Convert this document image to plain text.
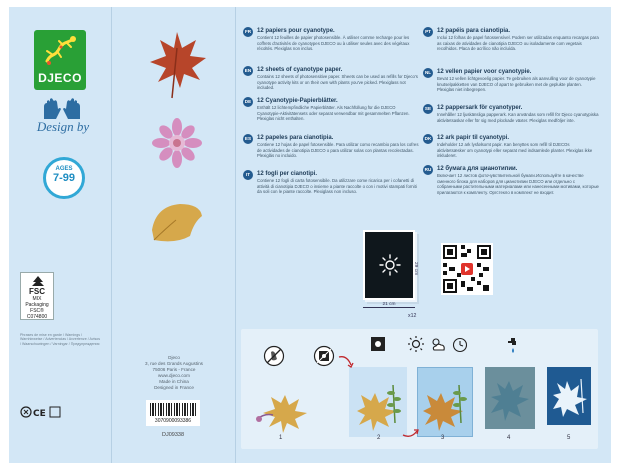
DJECO
Design by
AGES
7-99
FSC
MIX
Packaging
FSC® C074800
Phrases de mise en garde / Warnings / Warnhinweise / Advertencias / Avvertenze / Avisos / Waarschuwingen / Varningar / Предупреждения
CE
Djeco
3, rue des Grands Augustins
75006 Paris - France
www.djeco.com
Made in China
Designed in France
3070900093386
DJ09338
FR 12 papiers pour cyanotype.
Contient 12 feuilles de papier photosensible. À utiliser comme recharge pour les coffrets d'activités de cyanotypes DJECO ou à utiliser seules avec des végétaux récoltés. Plexiglas non inclus.
EN 12 sheets of cyanotype paper.
Contains 12 sheets of photosensitive paper. Sheets can be used as refills for Djeco's cyanotype activity kits or on their own with plants you've picked. Plexiglass not included.
DE 12 Cyanotypie-Papierblätter.
Enthält 12 lichtempfindliche Papierblätter. Als Nachfüllung für die DJECO Cyanotypie-Aktivitätensets oder separat verwendbar mit gesammelten Pflanzen. Plexiglas nicht enthalten.
ES 12 papeles para cianotipia.
Contiene 12 hojas de papel fotosensible. Para utilizar como recambio para los cofres de actividades de cianotipia DJECO o para utilizar solas con plantas recolectadas. Plexiglás no incluido.
IT	12 fogli per cianotipi.
Contiene 12 fogli di carta fotosensibile. Da utilizzare come ricarica per i cofanetti di attività di cianotipia DJECO o insieme a piante raccolte o con i motivi stampati forniti da soli con le piante raccolte. Plexiglass non incluso.
PT	12 papéis para cianotipia.
Inclui 12 folhas de papel fotossensível. Podem ser utilizadas enquanto recargas para as caixas de atividades de cianotipia DJECO ou isoladamente com vegetais recolhidos. Placa de acrílico não incluída.
NL 12 vellen papier voor cyanotypie.
Bevat 12 vellen lichtgevoelig papier. Te gebruiken als aanvulling voor de cyanotypie knutselpakketten van DJECO of apart te gebruiken met de geplukte planten. Plexiglas niet inbegrepen.
SE 12 pappersark för cyanotyper.
Innehåller 12 ljuskänsliga papperark. Kan användas som refill för Djeco cyanotypiska aktivitetsaskar eller för sig med plockade växter. Plexiglas medföljer inte.
DK 12 ark papir til cyanotypi.
Indeholder 12 ark lysfølsomt papir. Kan benyttes som refill til DJECOs aktivitetsæsker om cyanotypi eller separat med indsamlede planter. Plexiglas ikke inkluderet.
RU 12 бумага для цианотипии.
Включает 12 листов фоточувствительной бумаги.Используйте в качестве сменного блока для наборов для цианотипии DJECO или отдельно с собранными растительными материалами или нанесенными мотивами, которые прилагаются к комплекту. Оргстекло в комплект не входит.
21 cm
29 cm
x12
1	2	3	4	5
